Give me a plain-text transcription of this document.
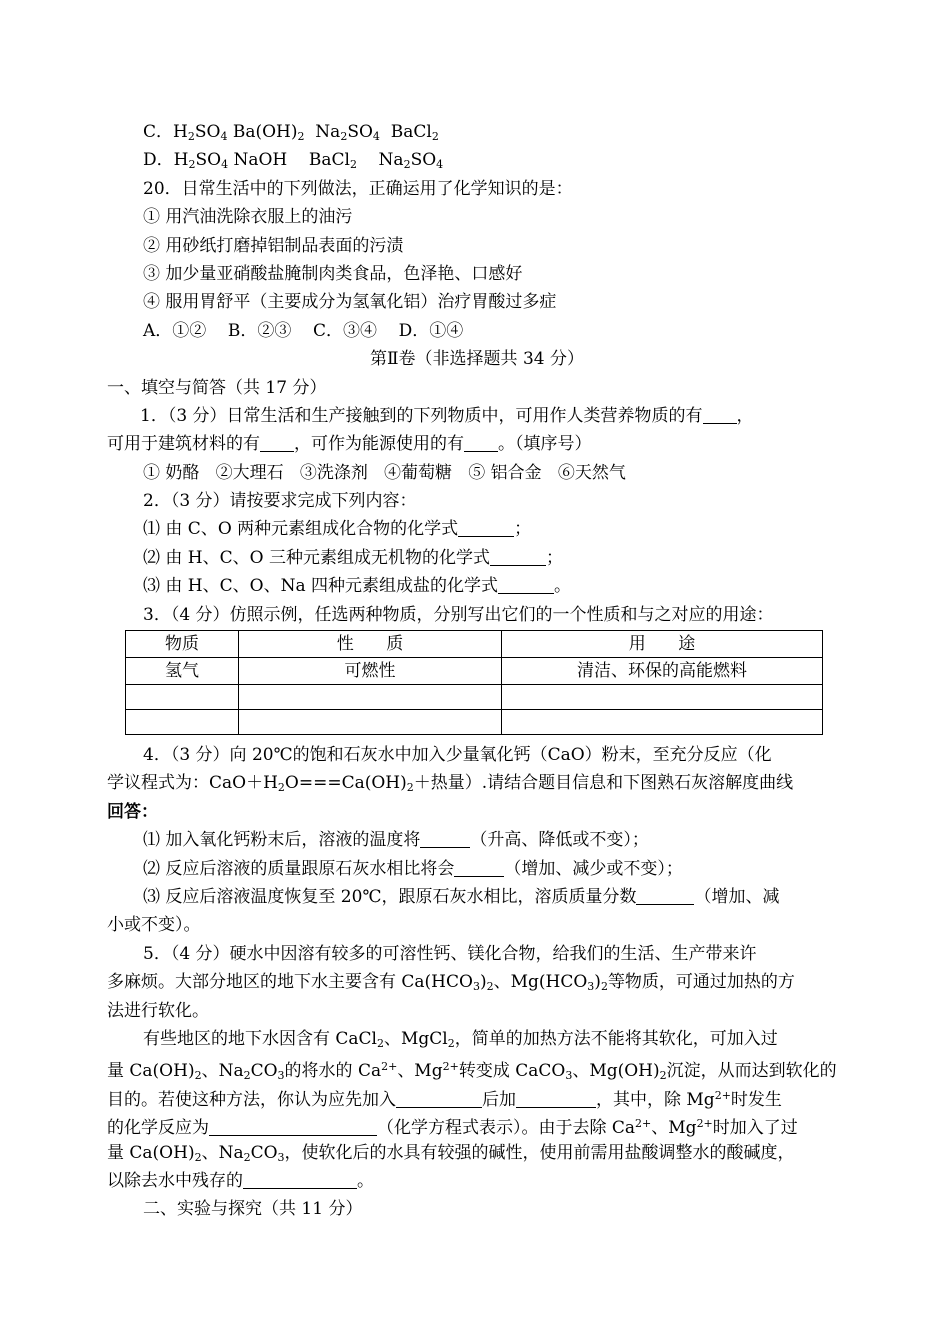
C．$H_2SO_4$ $Ba(OH)_2$  $Na_2SO_4$  BaCl$_2$
D．$H_2SO_4$ NaOH    BaCl$_2$    $Na_2SO_4$
20．日常生活中的下列做法，正确运用了化学知识的是：
① 用汽油洗除衣服上的油污
② 用砂纸打磨掉铝制品表面的污渍
③ 加少量亚硝酸盐腌制肉类食品，色泽艳、口感好
④ 服用胃舒平（主要成分为氢氧化铝）治疗胃酸过多症
A．①②    B．②③    C．③④    D．①④
第Ⅱ卷（非选择题共 34 分）
一、填空与简答（共 17 分）
1．（3 分）日常生活和生产接触到的下列物质中，可用作人类营养物质的有 ，
可用于建筑材料的有 ，可作为能源使用的有 。（填序号）
① 奶酪   ②大理石   ③洗涤剂   ④葡萄糖   ⑤ 铝合金   ⑥天然气
2．（3 分）请按要求完成下列内容：
⑴ 由 C、O 两种元素组成化合物的化学式	；
⑵ 由 H、C、O 三种元素组成无机物的化学式	；
⑶ 由 H、C、O、Na 四种元素组成盐的化学式	。
3．（4 分）仿照示例，任选两种物质，分别写出它们的一个性质和与之对应的用途：
物质	性      质	用      途
氢气	可燃性	清洁、环保的高能燃料

4．（3 分）向 20℃的饱和石灰水中加入少量氧化钙（CaO）粉末，至充分反应（化
学议程式为：$CaO+H_2O===Ca(OH)_2+$热量）.请结合题目信息和下图熟石灰溶解度曲线
回答：
⑴ 加入氧化钙粉末后，溶液的温度将	（升高、降低或不变）；
⑵ 反应后溶液的质量跟原石灰水相比将会	（增加、减少或不变）；
⑶ 反应后溶液温度恢复至 20℃，跟原石灰水相比，溶质质量分数	（增加、减
小或不变）。
5．（4 分）硬水中因溶有较多的可溶性钙、镁化合物，给我们的生活、生产带来许
多麻烦。大部分地区的地下水主要含有 $Ca(HCO_3)_2$、$Mg(HCO_3)_2$等物质，可通过加热的方
法进行软化。
有些地区的地下水因含有 CaCl$_2$、MgCl$_2$，简单的加热方法不能将其软化，可加入过
量 $Ca(OH)_2$、$Na_2CO_3$的将水的 $Ca^{2+}$、$Mg^{2+}$转变成 CaCO$_3$、$Mg(OH)_2$沉淀，从而达到软化的
目的。若使这种方法，你认为应先加入	后加	，其中，除 $Mg^{2+}$时发生
的化学反应为	（化学方程式表示）。由于去除 $Ca^{2+}$、$Mg^{2+}$时加入了过
量 $Ca(OH)_2$、$Na_2CO_3$，使软化后的水具有较强的碱性，使用前需用盐酸调整水的酸碱度，
以除去水中残存的	。
二、实验与探究（共 11 分）
